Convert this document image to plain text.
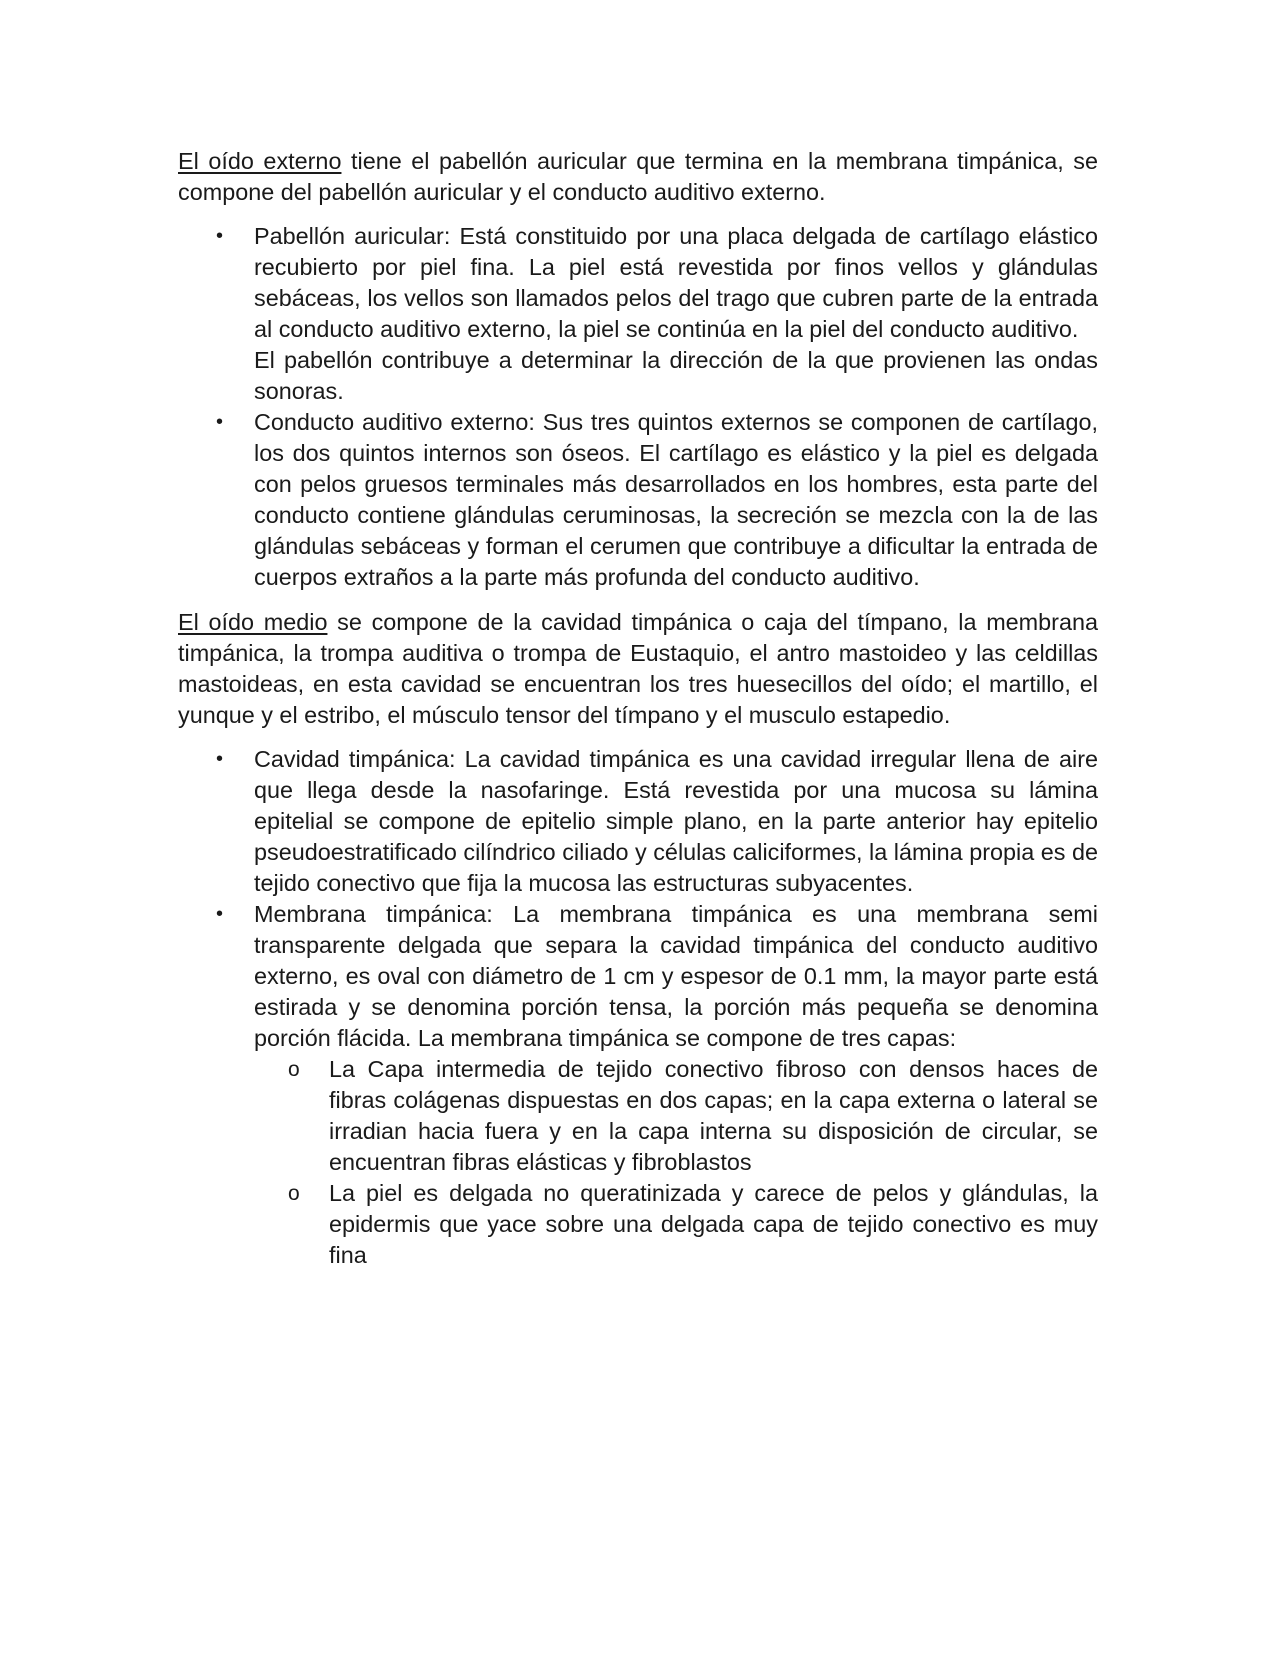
El oído externo tiene el pabellón auricular que termina en la membrana timpánica, se compone del pabellón auricular y el conducto auditivo externo.

•	Pabellón auricular: Está constituido por una placa delgada de cartílago elástico recubierto por piel fina. La piel está revestida por finos vellos y glándulas sebáceas, los vellos son llamados pelos del trago que cubren parte de la entrada al conducto auditivo externo, la piel se continúa en la piel del conducto auditivo.
El pabellón contribuye a determinar la dirección de la que provienen las ondas sonoras.
•	Conducto auditivo externo: Sus tres quintos externos se componen de cartílago, los dos quintos internos son óseos. El cartílago es elástico y la piel es delgada con pelos gruesos terminales más desarrollados en los hombres, esta parte del conducto contiene glándulas ceruminosas, la secreción se mezcla con la de las glándulas sebáceas y forman el cerumen que contribuye a dificultar la entrada de cuerpos extraños a la parte más profunda del conducto auditivo.

El oído medio se compone de la cavidad timpánica o caja del tímpano, la membrana timpánica, la trompa auditiva o trompa de Eustaquio, el antro mastoideo y las celdillas mastoideas, en esta cavidad se encuentran los tres huesecillos del oído; el martillo, el yunque y el estribo, el músculo tensor del tímpano y el musculo estapedio.

•	Cavidad timpánica: La cavidad timpánica es una cavidad irregular llena de aire que llega desde la nasofaringe. Está revestida por una mucosa su lámina epitelial se compone de epitelio simple plano, en la parte anterior hay epitelio pseudoestratificado cilíndrico ciliado y células caliciformes, la lámina propia es de tejido conectivo que fija la mucosa las estructuras subyacentes.
•	Membrana timpánica: La membrana timpánica es una membrana semi transparente delgada que separa la cavidad timpánica del conducto auditivo externo, es oval con diámetro de 1 cm y espesor de 0.1 mm, la mayor parte está estirada y se denomina porción tensa, la porción más pequeña se denomina porción flácida. La membrana timpánica se compone de tres capas:
o La Capa intermedia de tejido conectivo fibroso con densos haces de fibras colágenas dispuestas en dos capas; en la capa externa o lateral se irradian hacia fuera y en la capa interna su disposición de circular, se encuentran fibras elásticas y fibroblastos
o La piel es delgada no queratinizada y carece de pelos y glándulas, la epidermis que yace sobre una delgada capa de tejido conectivo es muy fina
